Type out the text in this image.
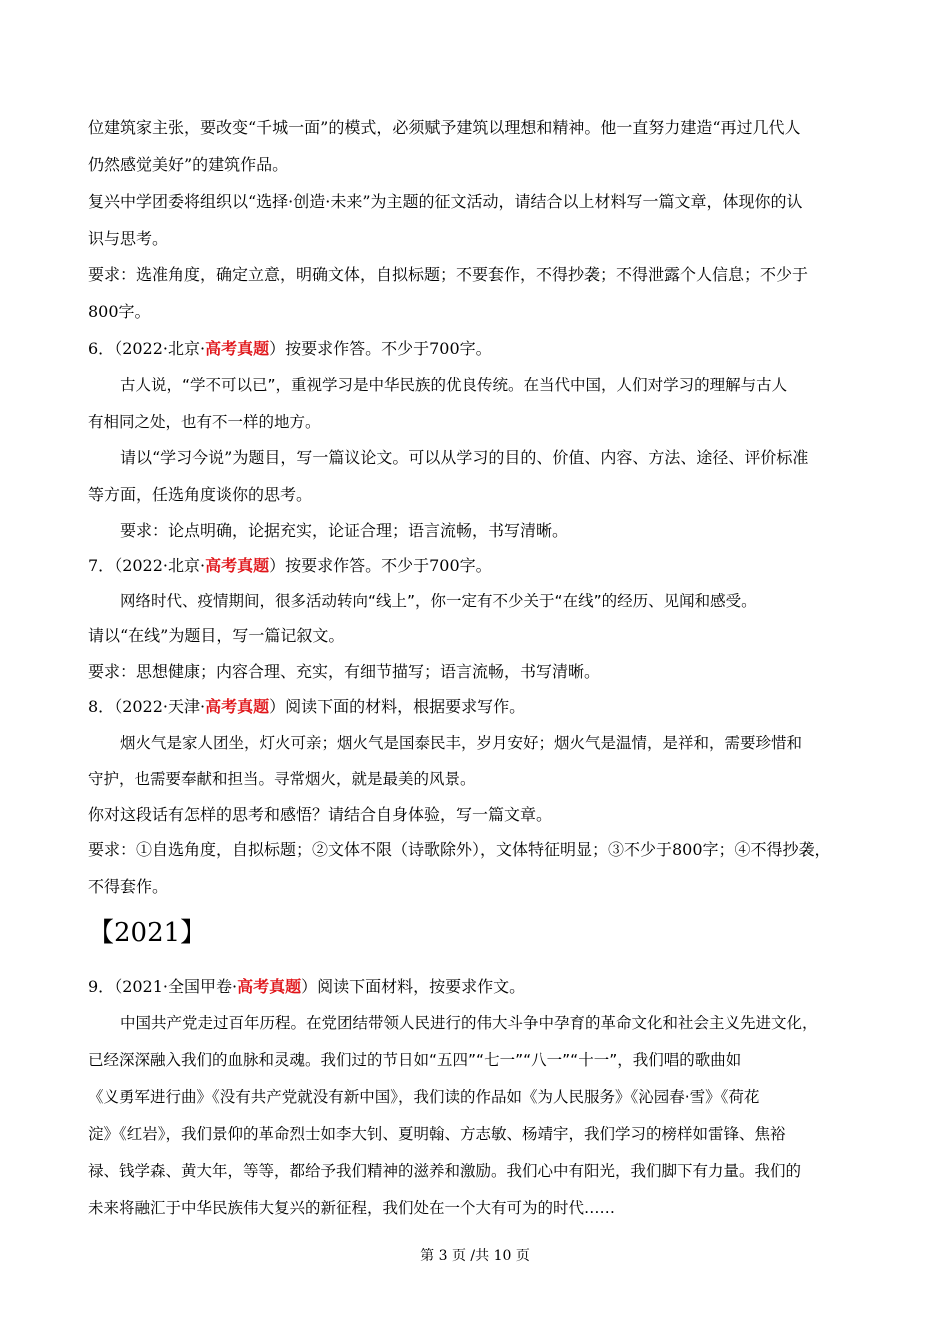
位建筑家主张，要改变“千城一面”的模式，必须赋予建筑以理想和精神。他一直努力建造“再过几代人
仍然感觉美好”的建筑作品。
复兴中学团委将组织以“选择·创造·未来”为主题的征文活动，请结合以上材料写一篇文章，体现你的认
识与思考。
要求：选准角度，确定立意，明确文体，自拟标题；不要套作，不得抄袭；不得泄露个人信息；不少于
800字。
6．（2022·北京·高考真题）按要求作答。不少于700字。
古人说，“学不可以已”，重视学习是中华民族的优良传统。在当代中国，人们对学习的理解与古人
有相同之处，也有不一样的地方。
请以“学习今说”为题目，写一篇议论文。可以从学习的目的、价值、内容、方法、途径、评价标准
等方面，任选角度谈你的思考。
要求：论点明确，论据充实，论证合理；语言流畅，书写清晰。
7．（2022·北京·高考真题）按要求作答。不少于700字。
网络时代、疫情期间，很多活动转向“线上”，你一定有不少关于“在线”的经历、见闻和感受。
请以“在线”为题目，写一篇记叙文。
要求：思想健康；内容合理、充实，有细节描写；语言流畅，书写清晰。
8．（2022·天津·高考真题）阅读下面的材料，根据要求写作。
烟火气是家人团坐，灯火可亲；烟火气是国泰民丰，岁月安好；烟火气是温情，是祥和，需要珍惜和
守护，也需要奉献和担当。寻常烟火，就是最美的风景。
你对这段话有怎样的思考和感悟？请结合自身体验，写一篇文章。
要求：①自选角度，自拟标题；②文体不限（诗歌除外），文体特征明显；③不少于800字；④不得抄袭，
不得套作。
【2021】
9．（2021·全国甲卷·高考真题）阅读下面材料，按要求作文。
中国共产党走过百年历程。在党团结带领人民进行的伟大斗争中孕育的革命文化和社会主义先进文化，
已经深深融入我们的血脉和灵魂。我们过的节日如“五四”“七一”“八一”“十一”，我们唱的歌曲如
《义勇军进行曲》《没有共产党就没有新中国》，我们读的作品如《为人民服务》《沁园春·雪》《荷花
淀》《红岩》，我们景仰的革命烈士如李大钊、夏明翰、方志敏、杨靖宇，我们学习的榜样如雷锋、焦裕
禄、钱学森、黄大年，等等，都给予我们精神的滋养和激励。我们心中有阳光，我们脚下有力量。我们的
未来将融汇于中华民族伟大复兴的新征程，我们处在一个大有可为的时代……
第 3 页 /共 10 页
